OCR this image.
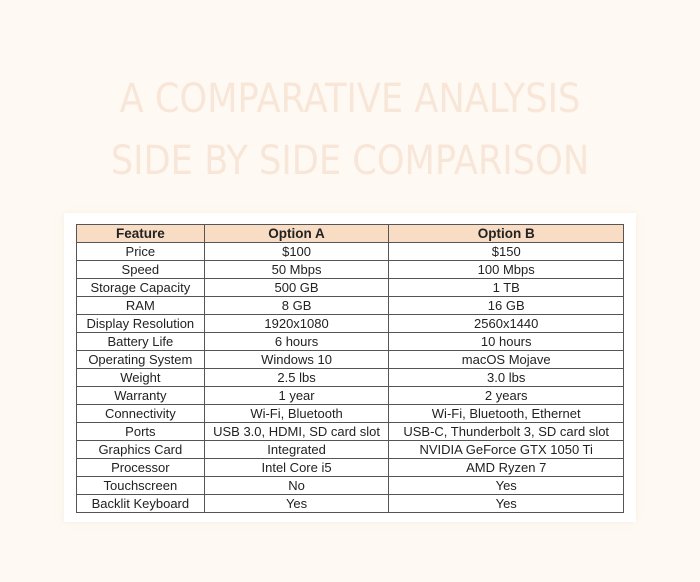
A COMPARATIVE ANALYSIS
SIDE BY SIDE COMPARISON
Feature	Option A	Option B
Price	$100	$150
Speed	50 Mbps	100 Mbps
Storage Capacity	500 GB	1 TB
RAM	8 GB	16 GB
Display Resolution	1920x1080	2560x1440
Battery Life	6 hours	10 hours
Operating System	Windows 10	macOS Mojave
Weight	2.5 lbs	3.0 lbs
Warranty	1 year	2 years
Connectivity	Wi-Fi, Bluetooth	Wi-Fi, Bluetooth, Ethernet
Ports	USB 3.0, HDMI, SD card slot	USB-C, Thunderbolt 3, SD card slot
Graphics Card	Integrated	NVIDIA GeForce GTX 1050 Ti
Processor	Intel Core i5	AMD Ryzen 7
Touchscreen	No	Yes
Backlit Keyboard	Yes	Yes
